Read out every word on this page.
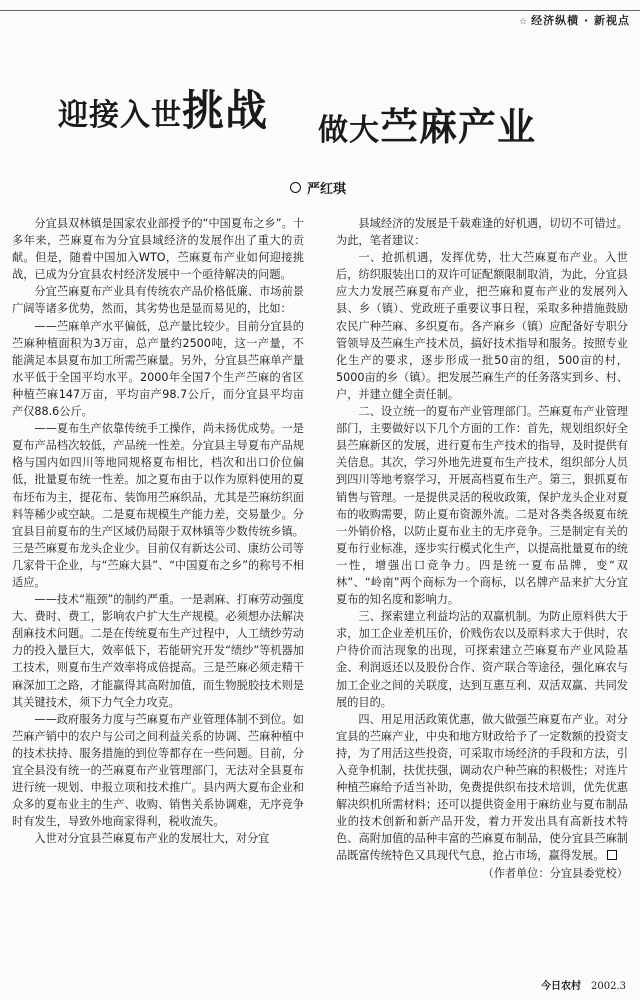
☆ 经济纵横 · 新视点
迎接入世挑战 做大苎麻产业
严红琪

分宜县双林镇是国家农业部授予的“中国夏布之乡”。十多年来，苎麻夏布为分宜县域经济的发展作出了重大的贡献。但是，随着中国加入WTO，苎麻夏布产业如何迎接挑战，已成为分宜县农村经济发展中一个亟待解决的问题。

分宜苎麻夏布产业具有传统农产品价格低廉、市场前景广阔等诸多优势，然而，其劣势也是显而易见的，比如：

——苎麻单产水平偏低，总产量比较少。目前分宜县的苎麻种植面积为3万亩，总产量约2500吨，这一产量，不能满足本县夏布加工所需苎麻量。另外，分宜县苎麻单产量水平低于全国平均水平。2000年全国7个生产苎麻的省区种植苎麻147万亩，平均亩产98.7公斤，而分宜县平均亩产仅88.6公斤。

——夏布生产依靠传统手工操作，尚未扬优成势。一是夏布产品档次较低，产品统一性差。分宜县主导夏布产品规格与国内如四川等地同规格夏布相比，档次和出口价位偏低，批量夏布统一性差。加之夏布由于以作为原料使用的夏布坯布为主，提花布、装饰用苎麻织品，尤其是苎麻纺织面料等稀少或空缺。二是夏布规模生产能力差，交易量少。分宜县目前夏布的生产区域仍局限于双林镇等少数传统乡镇。三是苎麻夏布龙头企业少。目前仅有新达公司、康纺公司等几家骨干企业，与“苎麻大县”、“中国夏布之乡”的称号不相适应。

——技术“瓶颈”的制约严重。一是剥麻、打麻劳动强度大、费时、费工，影响农户扩大生产规模。必须想办法解决刮麻技术问题。二是在传统夏布生产过程中，人工绩纱劳动力的投入量巨大，效率低下，若能研究开发“绩纱”等机器加工技术，则夏布生产效率将成倍提高。三是苎麻必须走精干麻深加工之路，才能赢得其高附加值，而生物脱胶技术则是其关键技术，须下力气全力攻克。

——政府服务力度与苎麻夏布产业管理体制不到位。如苎麻产销中的农户与公司之间利益关系的协调、苎麻种植中的技术扶持、服务措施的到位等都存在一些问题。目前，分宜全县没有统一的苎麻夏布产业管理部门，无法对全县夏布进行统一规划、申报立项和技术推广。县内两大夏布企业和众多的夏布业主的生产、收购、销售关系协调难，无序竞争时有发生，导致外地商家得利，税收流失。

入世对分宜县苎麻夏布产业的发展壮大，对分宜

县域经济的发展是千载难逢的好机遇，切切不可错过。为此，笔者建议：

一、抢抓机遇，发挥优势，壮大苎麻夏布产业。入世后，纺织服装出口的双许可证配额限制取消，为此，分宜县应大力发展苎麻夏布产业，把苎麻和夏布产业的发展列入县、乡（镇）、党政班子重要议事日程，采取多种措施鼓励农民广种苎麻、多织夏布。各产麻乡（镇）应配备好专职分管领导及苎麻生产技术员，搞好技术指导和服务。按照专业化生产的要求，逐步形成一批50亩的组，500亩的村，5000亩的乡（镇）。把发展苎麻生产的任务落实到乡、村、户，并建立健全责任制。

二、设立统一的夏布产业管理部门。苎麻夏布产业管理部门，主要做好以下几个方面的工作：首先，规划组织好全县苎麻新区的发展，进行夏布生产技术的指导，及时提供有关信息。其次，学习外地先进夏布生产技术，组织部分人员到四川等地考察学习，开展高档夏布生产。第三，狠抓夏布销售与管理。一是提供灵活的税收政策，保护龙头企业对夏布的收购需要，防止夏布资源外流。二是对各类各级夏布统一外销价格，以防止夏布业主的无序竞争。三是制定有关的夏布行业标准，逐步实行模式化生产，以提高批量夏布的统一性，增强出口竞争力。四是统一夏布品牌，变“双林”、“岭南”两个商标为一个商标，以名牌产品来扩大分宜夏布的知名度和影响力。

三、探索建立利益均沾的双赢机制。为防止原料供大于求，加工企业差机压价，价贱伤农以及原料求大于供时，农户待价而沽现象的出现，可探索建立苎麻夏布产业风险基金、利润返还以及股份合作、资产联合等途径，强化麻农与加工企业之间的关联度，达到互惠互利、双活双赢、共同发展的目的。

四、用足用活政策优惠，做大做强苎麻夏布产业。对分宜县的苎麻产业，中央和地方财政给予了一定数额的投资支持，为了用活这些投资，可采取市场经济的手段和方法，引入竞争机制，扶优扶强，调动农户种苎麻的积极性；对连片种植苎麻给予适当补助，免费提供织布技术培训，优先优惠解决织机所需材料；还可以提供资金用于麻纺业与夏布制品业的技术创新和新产品开发，着力开发出具有高新技术特色、高附加值的品种丰富的苎麻夏布制品，使分宜县苎麻制品既富传统特色又具现代气息，抢占市场，赢得发展。

（作者单位：分宜县委党校）

今日农村 2002.3
